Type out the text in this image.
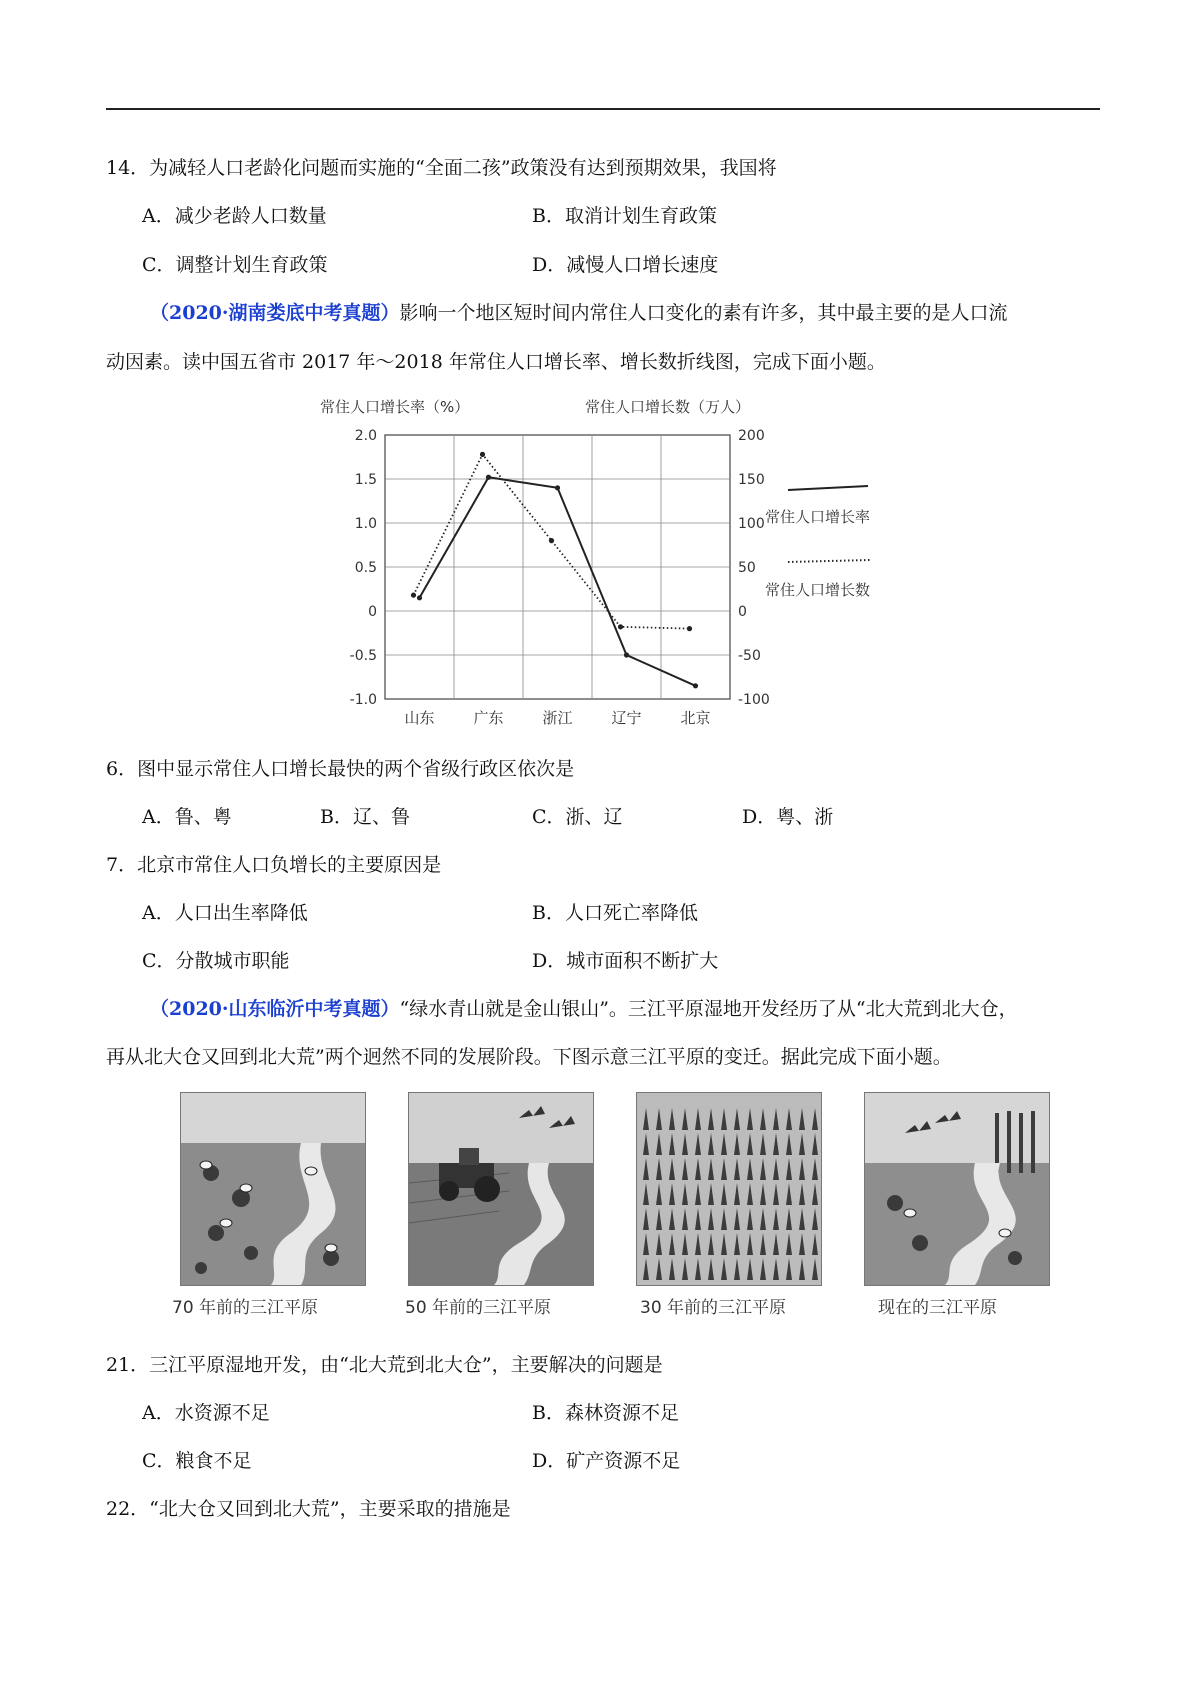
14．为减轻人口老龄化问题而实施的“全面二孩”政策没有达到预期效果，我国将
A．减少老龄人口数量	B．取消计划生育政策
C．调整计划生育政策	D．减慢人口增长速度
（2020·湖南娄底中考真题）影响一个地区短时间内常住人口变化的素有许多，其中最主要的是人口流
动因素。读中国五省市 2017 年～2018 年常住人口增长率、增长数折线图，完成下面小题。
常住人口增长率（%）	常住人口增长数（万人）
2.0
1.5
1.0
0.5
0
-0.5
-1.0
200
150
100
50
0
-50
-100
山东	广东	浙江	辽宁	北京
常住人口增长率
常住人口增长数
6．图中显示常住人口增长最快的两个省级行政区依次是
A．鲁、粤	B．辽、鲁	C．浙、辽	D．粤、浙
7．北京市常住人口负增长的主要原因是
A．人口出生率降低	B．人口死亡率降低
C．分散城市职能	D．城市面积不断扩大
（2020·山东临沂中考真题）“绿水青山就是金山银山”。三江平原湿地开发经历了从“北大荒到北大仓，
再从北大仓又回到北大荒”两个迥然不同的发展阶段。下图示意三江平原的变迁。据此完成下面小题。
70 年前的三江平原	50 年前的三江平原	30 年前的三江平原	现在的三江平原
21．三江平原湿地开发，由“北大荒到北大仓”，主要解决的问题是
A．水资源不足	B．森林资源不足
C．粮食不足	D．矿产资源不足
22．“北大仓又回到北大荒”，主要采取的措施是
